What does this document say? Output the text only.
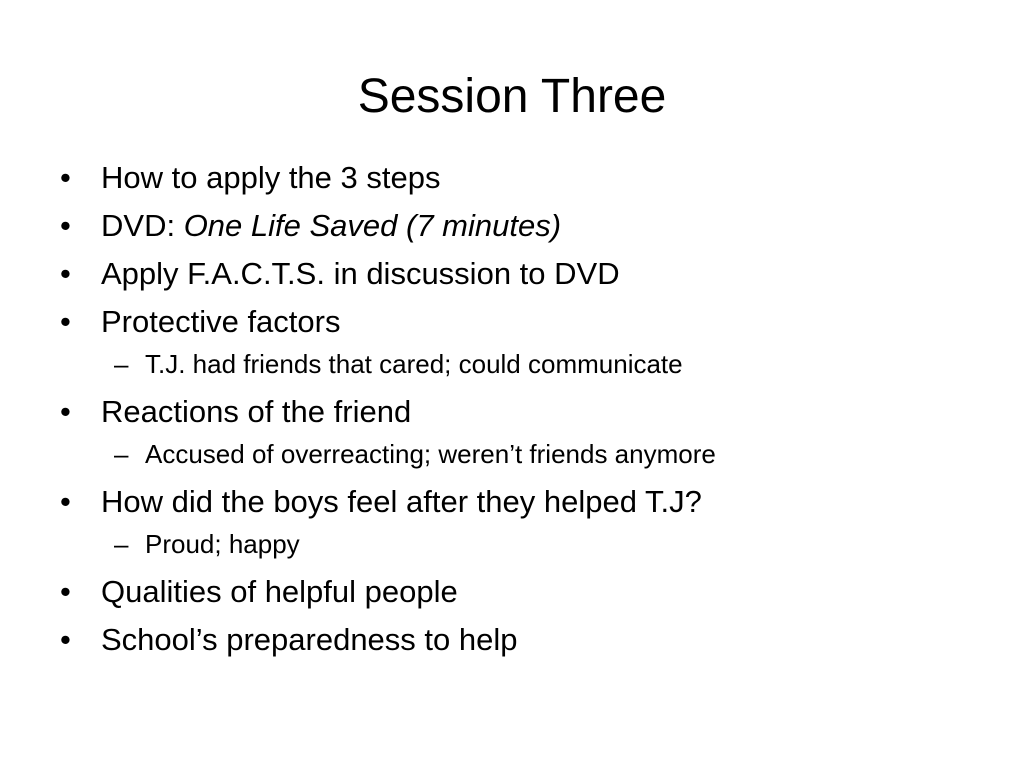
Session Three
• How to apply the 3 steps
• DVD: One Life Saved (7 minutes)
• Apply F.A.C.T.S. in discussion to DVD
• Protective factors
– T.J. had friends that cared; could communicate
• Reactions of the friend
– Accused of overreacting; weren’t friends anymore
• How did the boys feel after they helped T.J?
– Proud; happy
• Qualities of helpful people
• School’s preparedness to help
